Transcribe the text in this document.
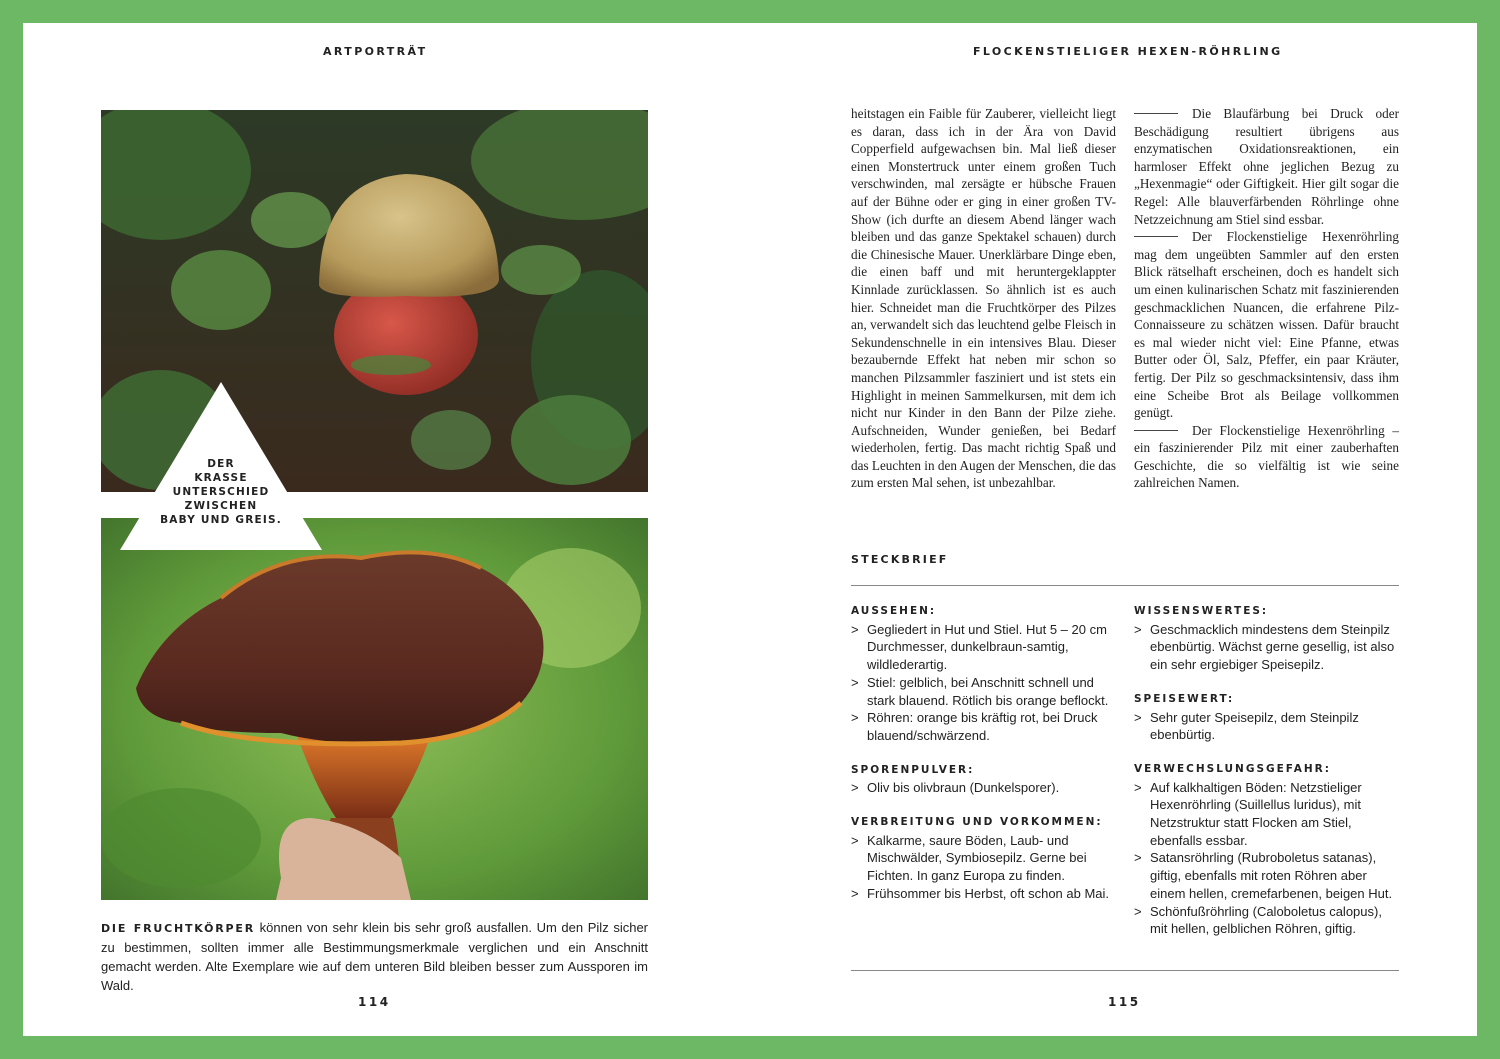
ARTPORTRÄT
DER
KRASSE
UNTERSCHIED
ZWISCHEN
BABY UND GREIS.
DIE FRUCHTKÖRPER können von sehr klein bis sehr groß ausfallen. Um den Pilz sicher zu bestimmen, sollten immer alle Bestimmungsmerkmale verglichen und ein Anschnitt gemacht werden. Alte Exemplare wie auf dem unteren Bild bleiben besser zum Aussporen im Wald.
114
FLOCKENSTIELIGER HEXEN-RÖHRLING

heitstagen ein Faible für Zauberer, vielleicht liegt es daran, dass ich in der Ära von David Copperfield aufgewachsen bin. Mal ließ dieser einen Monstertruck unter einem großen Tuch verschwinden, mal zersägte er hübsche Frauen auf der Bühne oder er ging in einer großen TV-Show (ich durfte an diesem Abend länger wach bleiben und das ganze Spektakel schauen) durch die Chinesische Mauer. Unerklärbare Dinge eben, die einen baff und mit heruntergeklappter Kinnlade zurücklassen. So ähnlich ist es auch hier. Schneidet man die Fruchtkörper des Pilzes an, verwandelt sich das leuchtend gelbe Fleisch in Sekundenschnelle in ein intensives Blau. Dieser bezaubernde Effekt hat neben mir schon so manchen Pilzsammler fasziniert und ist stets ein Highlight in meinen Sammelkursen, mit dem ich nicht nur Kinder in den Bann der Pilze ziehe. Aufschneiden, Wunder genießen, bei Bedarf wiederholen, fertig. Das macht richtig Spaß und das Leuchten in den Augen der Menschen, die das zum ersten Mal sehen, ist unbezahlbar.

Die Blaufärbung bei Druck oder Beschädigung resultiert übrigens aus enzymatischen Oxidationsreaktionen, ein harmloser Effekt ohne jeglichen Bezug zu „Hexenmagie“ oder Giftigkeit. Hier gilt sogar die Regel: Alle blauverfärbenden Röhrlinge ohne Netzzeichnung am Stiel sind essbar.

Der Flockenstielige Hexenröhrling mag dem ungeübten Sammler auf den ersten Blick rätselhaft erscheinen, doch es handelt sich um einen kulinarischen Schatz mit faszinierenden geschmacklichen Nuancen, die erfahrene Pilz-Connaisseure zu schätzen wissen. Dafür braucht es mal wieder nicht viel: Eine Pfanne, etwas Butter oder Öl, Salz, Pfeffer, ein paar Kräuter, fertig. Der Pilz so geschmacksintensiv, dass ihm eine Scheibe Brot als Beilage vollkommen genügt.

Der Flockenstielige Hexenröhrling – ein faszinierender Pilz mit einer zauberhaften Geschichte, die so vielfältig ist wie seine zahlreichen Namen.

STECKBRIEF
AUSSEHEN:
> Gegliedert in Hut und Stiel. Hut 5 – 20 cm Durchmesser, dunkelbraun-samtig, wildlederartig.
> Stiel: gelblich, bei Anschnitt schnell und stark blauend. Rötlich bis orange beflockt.
> Röhren: orange bis kräftig rot, bei Druck blauend/schwärzend.
SPORENPULVER:
> Oliv bis olivbraun (Dunkelsporer).
VERBREITUNG UND VORKOMMEN:
> Kalkarme, saure Böden, Laub- und Mischwälder, Symbiosepilz. Gerne bei Fichten. In ganz Europa zu finden.
> Frühsommer bis Herbst, oft schon ab Mai.
WISSENSWERTES:
> Geschmacklich mindestens dem Steinpilz ebenbürtig. Wächst gerne gesellig, ist also ein sehr ergiebiger Speisepilz.
SPEISEWERT:
> Sehr guter Speisepilz, dem Steinpilz ebenbürtig.
VERWECHSLUNGSGEFAHR:
> Auf kalkhaltigen Böden: Netzstieliger Hexenröhrling (Suillellus luridus), mit Netzstruktur statt Flocken am Stiel, ebenfalls essbar.
> Satansröhrling (Rubroboletus satanas), giftig, ebenfalls mit roten Röhren aber einem hellen, cremefarbenen, beigen Hut.
> Schönfußröhrling (Caloboletus calopus), mit hellen, gelblichen Röhren, giftig.
115
